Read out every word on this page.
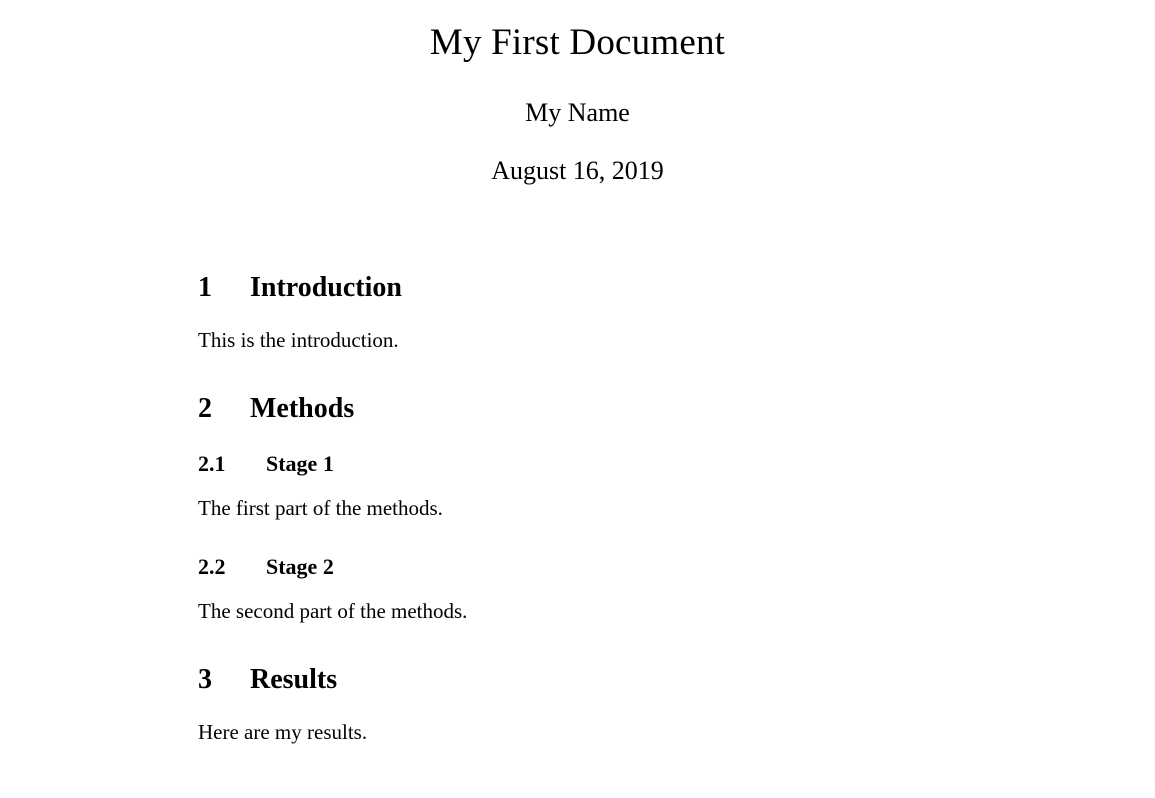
My First Document
My Name
August 16, 2019
1 Introduction

This is the introduction.

2 Methods
2.1 Stage 1

The first part of the methods.

2.2 Stage 2

The second part of the methods.

3 Results

Here are my results.
